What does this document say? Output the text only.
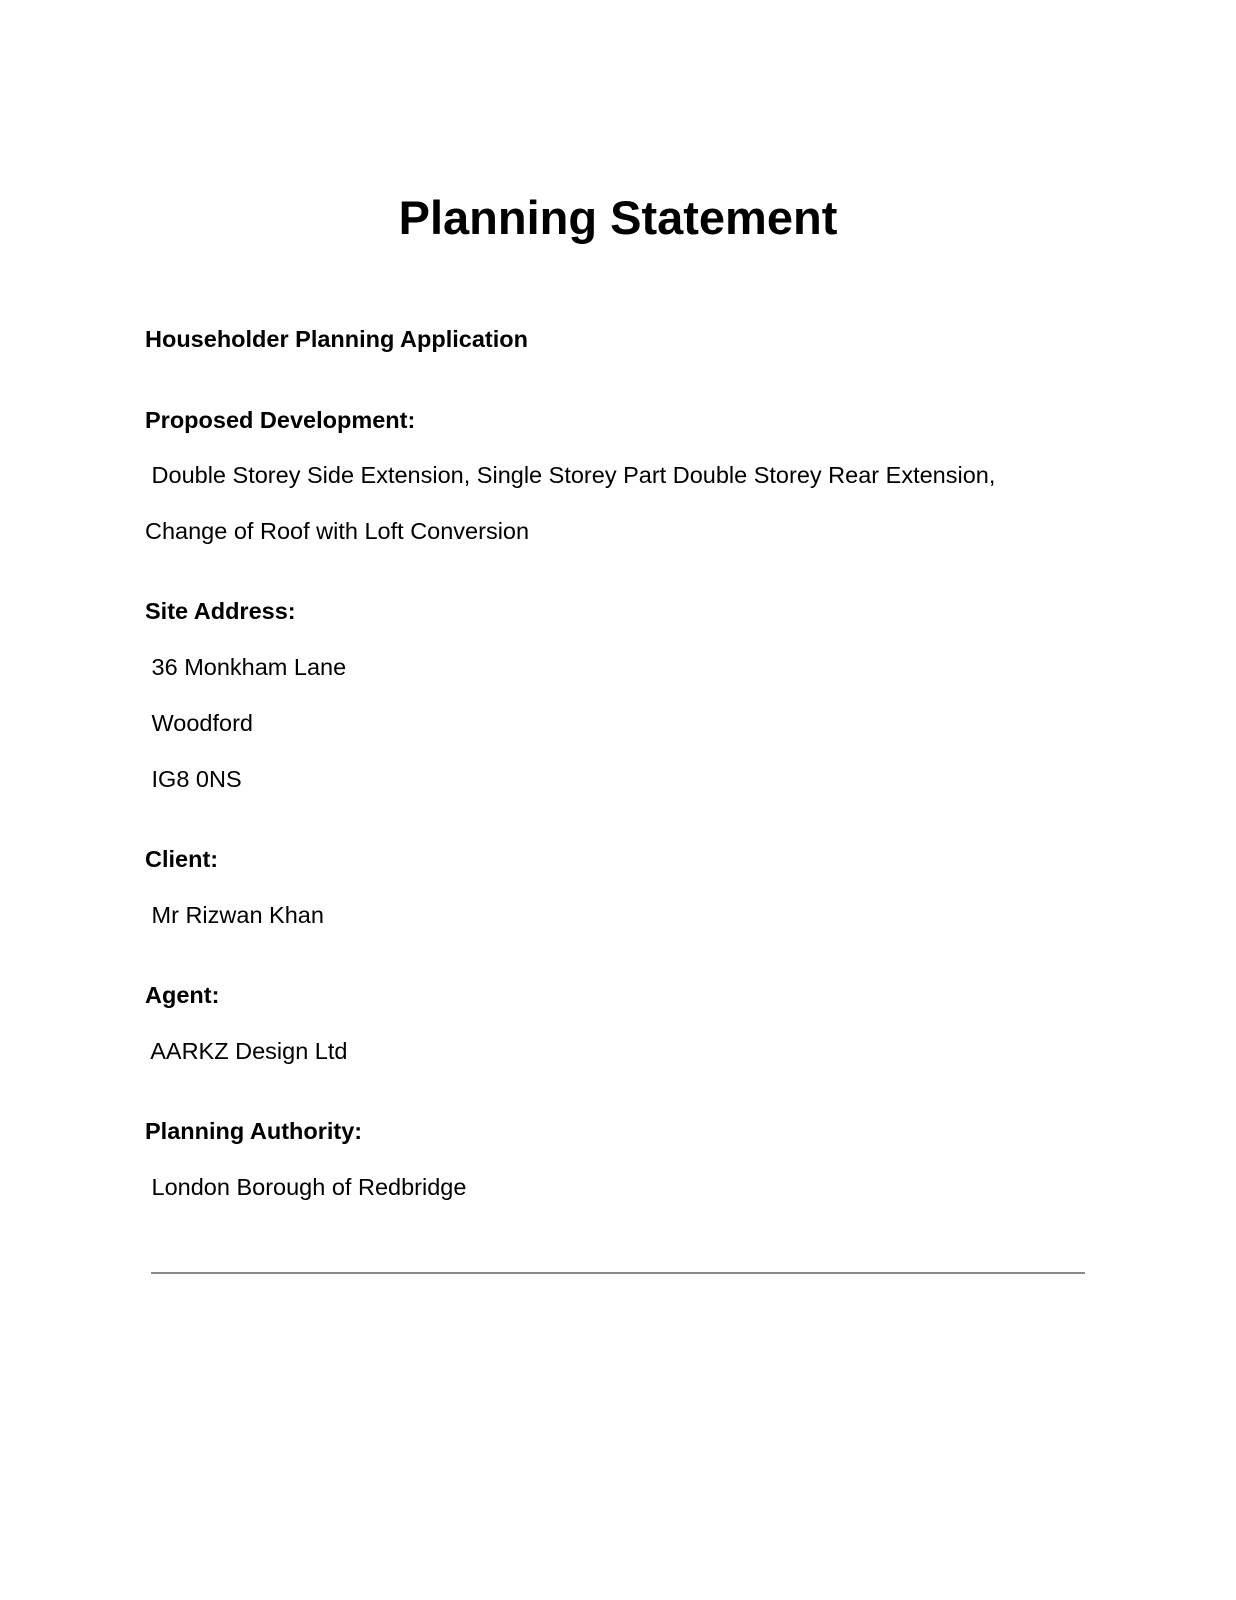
Planning Statement

Householder Planning Application

Proposed Development:

Double Storey Side Extension, Single Storey Part Double Storey Rear Extension,

Change of Roof with Loft Conversion

Site Address:

36 Monkham Lane

Woodford

IG8 0NS

Client:

Mr Rizwan Khan

Agent:

AARKZ Design Ltd

Planning Authority:

London Borough of Redbridge
